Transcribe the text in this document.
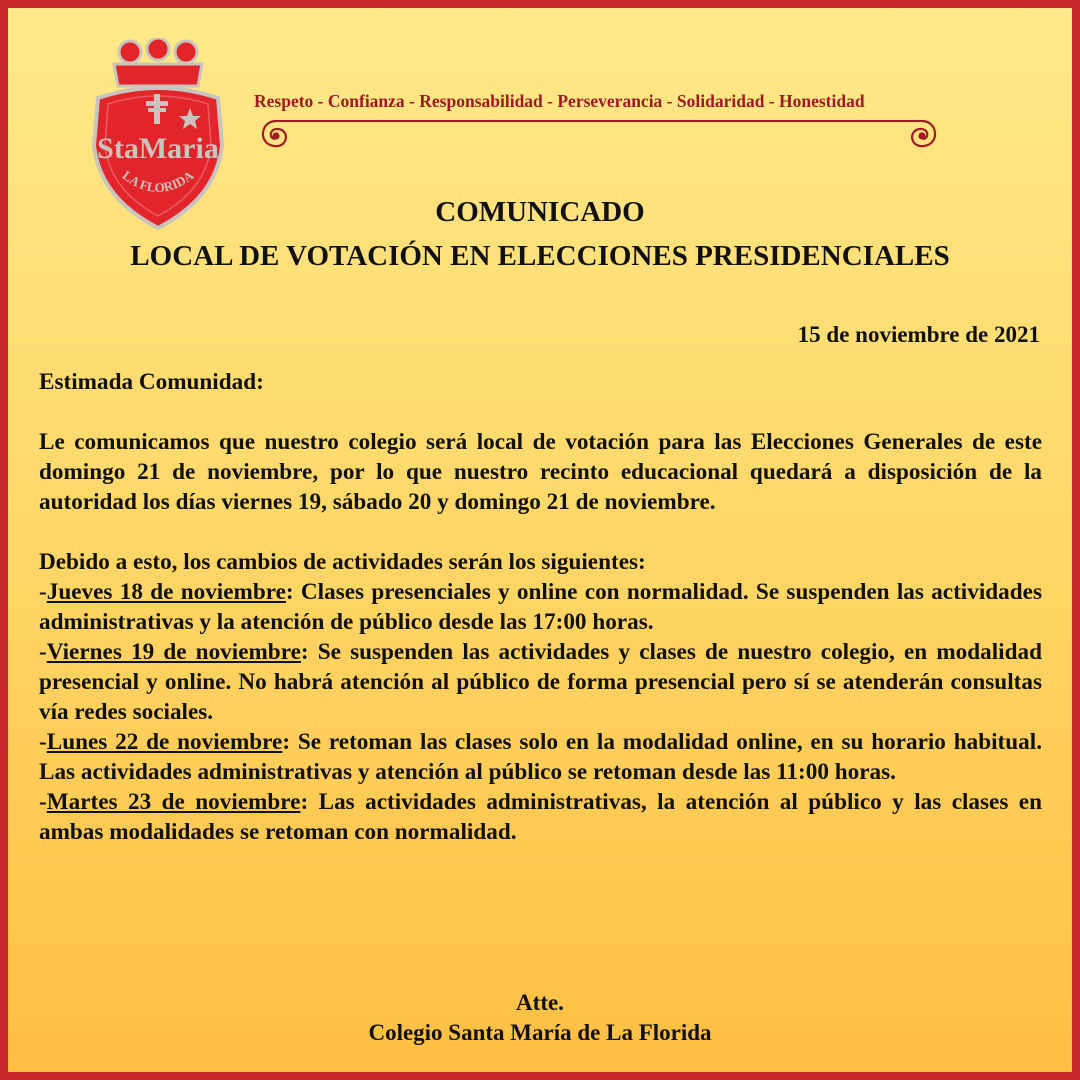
StaMaria
LA FLORIDA
Respeto - Confianza - Responsabilidad - Perseverancia - Solidaridad - Honestidad
COMUNICADO
LOCAL DE VOTACIÓN EN ELECCIONES PRESIDENCIALES
15 de noviembre de 2021

Estimada Comunidad:

Le comunicamos que nuestro colegio será local de votación para las Elecciones Generales de este domingo 21 de noviembre, por lo que nuestro recinto educacional quedará a disposición de la autoridad los días viernes 19, sábado 20 y domingo 21 de noviembre.

Debido a esto, los cambios de actividades serán los siguientes:

-Jueves 18 de noviembre: Clases presenciales y online con normalidad. Se suspenden las actividades administrativas y la atención de público desde las 17:00 horas.

-Viernes 19 de noviembre: Se suspenden las actividades y clases de nuestro colegio, en modalidad presencial y online. No habrá atención al público de forma presencial pero sí se atenderán consultas vía redes sociales.

-Lunes 22 de noviembre: Se retoman las clases solo en la modalidad online, en su horario habitual. Las actividades administrativas y atención al público se retoman desde las 11:00 horas.

-Martes 23 de noviembre: Las actividades administrativas, la atención al público y las clases en ambas modalidades se retoman con normalidad.

Atte.
Colegio Santa María de La Florida
